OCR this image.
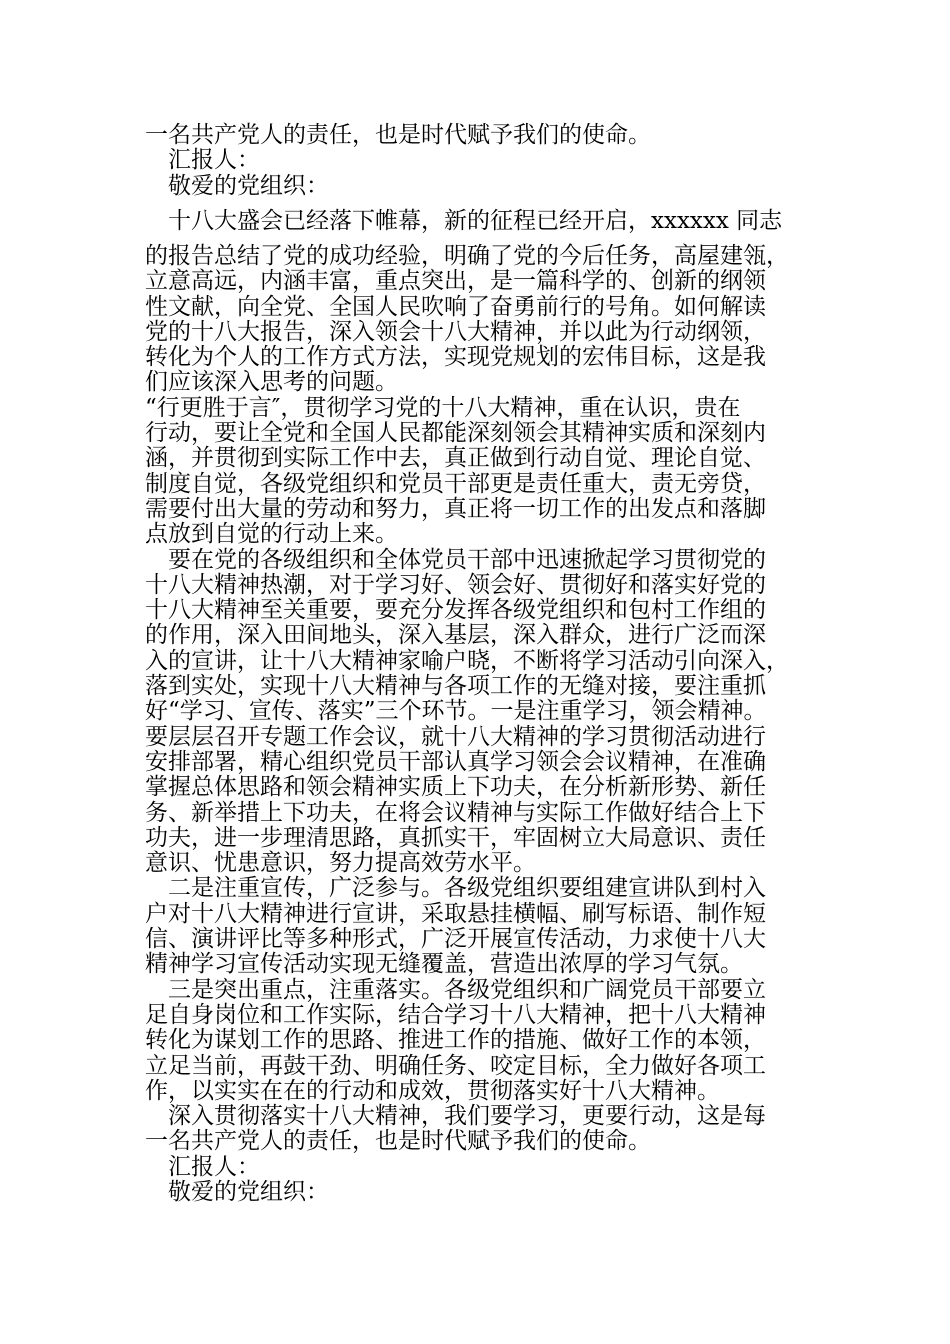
一名共产党人的责任，也是时代赋予我们的使命。
　汇报人：
　敬爱的党组织：
　十八大盛会已经落下帷幕，新的征程已经开启，xxxxxx 同志
的报告总结了党的成功经验，明确了党的今后任务，高屋建瓴，
立意高远，内涵丰富，重点突出，是一篇科学的、创新的纲领
性文献，向全党、全国人民吹响了奋勇前行的号角。如何解读
党的十八大报告，深入领会十八大精神，并以此为行动纲领，
转化为个人的工作方式方法，实现党规划的宏伟目标，这是我
们应该深入思考的问题。
“行更胜于言″，贯彻学习党的十八大精神，重在认识，贵在
行动，要让全党和全国人民都能深刻领会其精神实质和深刻内
涵，并贯彻到实际工作中去，真正做到行动自觉、理论自觉、
制度自觉，各级党组织和党员干部更是责任重大，责无旁贷，
需要付出大量的劳动和努力，真正将一切工作的出发点和落脚
点放到自觉的行动上来。
　要在党的各级组织和全体党员干部中迅速掀起学习贯彻党的
十八大精神热潮，对于学习好、领会好、贯彻好和落实好党的
十八大精神至关重要，要充分发挥各级党组织和包村工作组的
的作用，深入田间地头，深入基层，深入群众，进行广泛而深
入的宣讲，让十八大精神家喻户晓，不断将学习活动引向深入，
落到实处，实现十八大精神与各项工作的无缝对接，要注重抓
好“学习、宣传、落实”三个环节。一是注重学习，领会精神。
要层层召开专题工作会议，就十八大精神的学习贯彻活动进行
安排部署，精心组织党员干部认真学习领会会议精神，在准确
掌握总体思路和领会精神实质上下功夫，在分析新形势、新任
务、新举措上下功夫，在将会议精神与实际工作做好结合上下
功夫，进一步理清思路，真抓实干，牢固树立大局意识、责任
意识、忧患意识，努力提高效劳水平。
　二是注重宣传，广泛参与。各级党组织要组建宣讲队到村入
户对十八大精神进行宣讲，采取悬挂横幅、刷写标语、制作短
信、演讲评比等多种形式，广泛开展宣传活动，力求使十八大
精神学习宣传活动实现无缝覆盖，营造出浓厚的学习气氛。
　三是突出重点，注重落实。各级党组织和广阔党员干部要立
足自身岗位和工作实际，结合学习十八大精神，把十八大精神
转化为谋划工作的思路、推进工作的措施、做好工作的本领，
立足当前，再鼓干劲、明确任务、咬定目标，全力做好各项工
作，以实实在在的行动和成效，贯彻落实好十八大精神。
　深入贯彻落实十八大精神，我们要学习，更要行动，这是每
一名共产党人的责任，也是时代赋予我们的使命。
　汇报人：
　敬爱的党组织：
